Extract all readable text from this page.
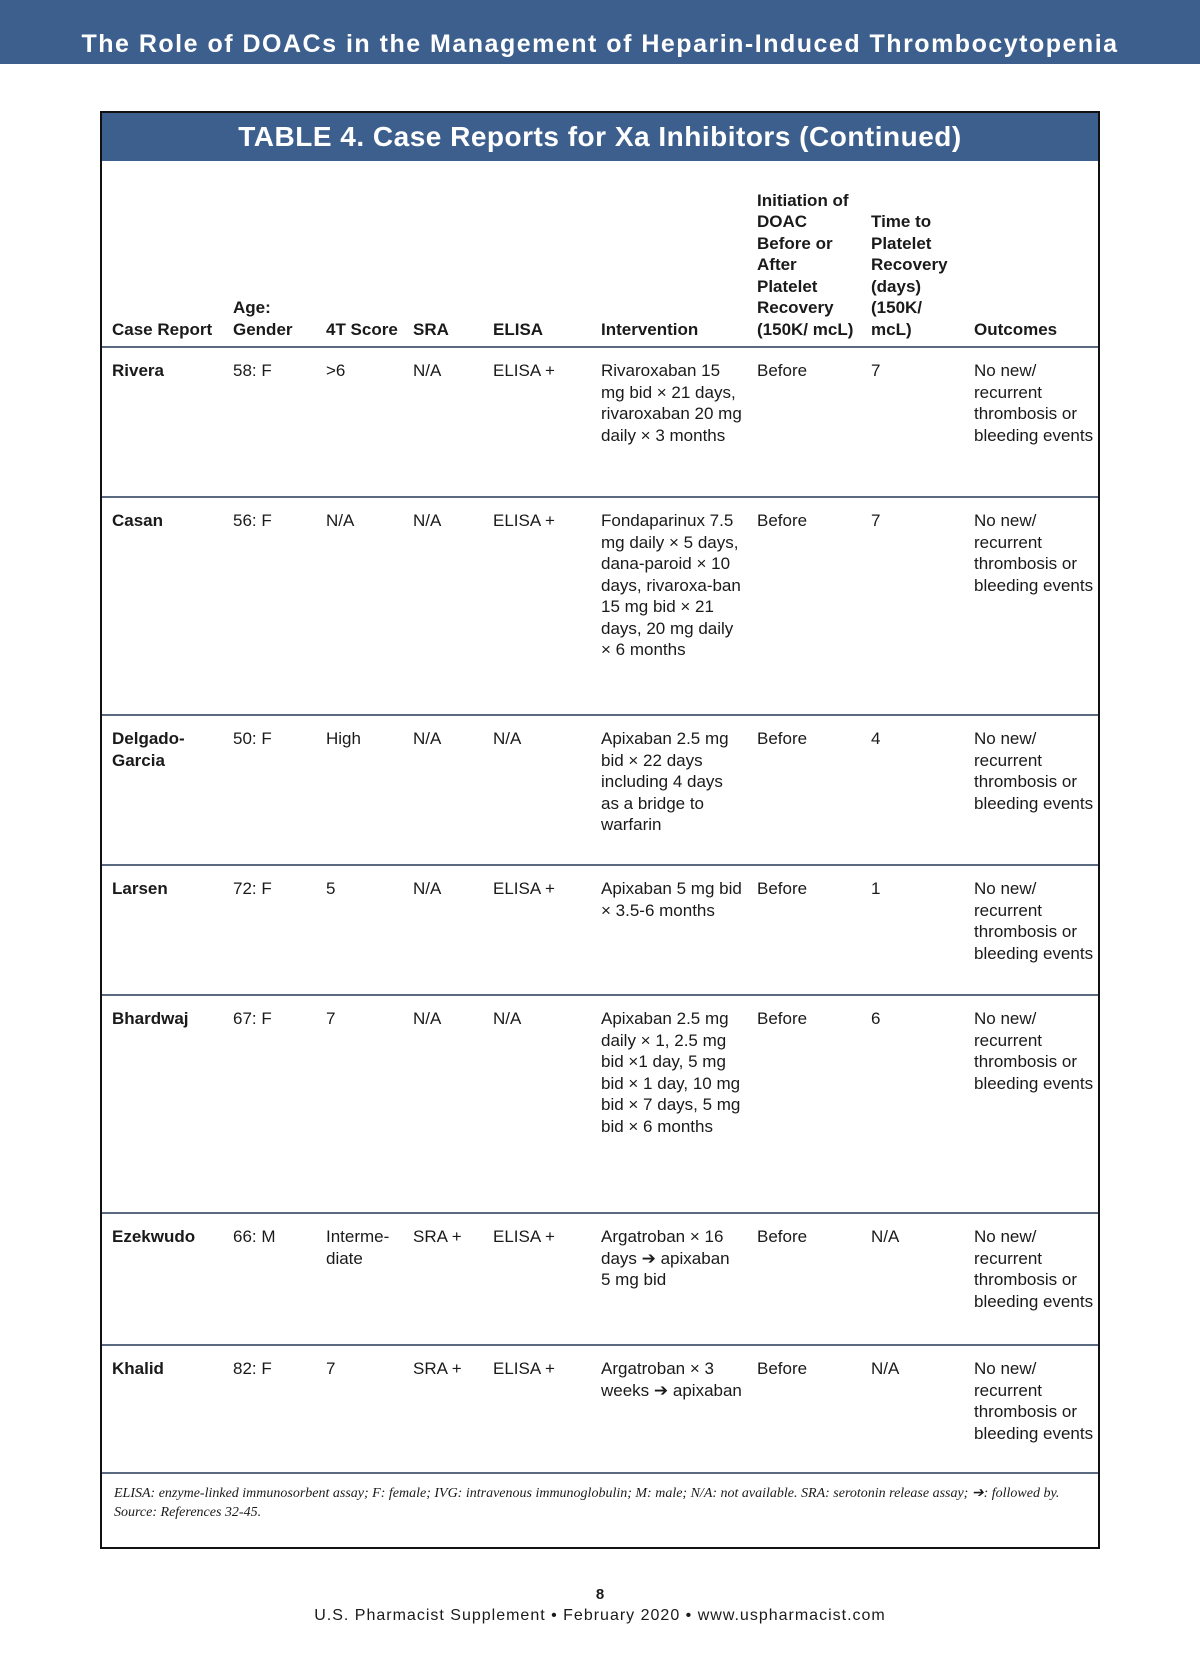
The Role of DOACs in the Management of Heparin-Induced Thrombocytopenia
TABLE 4. Case Reports for Xa Inhibitors (Continued)
Case Report	Age: Gender	4T Score	SRA	ELISA	Intervention	Initiation of DOAC Before or After Platelet Recovery (150K/ mcL)	Time to Platelet Recovery (days) (150K/ mcL)	Outcomes
Rivera	58: F	>6	N/A	ELISA +	Rivaroxaban 15 mg bid × 21 days, rivaroxaban 20 mg daily × 3 months	Before	7	No new/ recurrent thrombosis or bleeding events
Casan	56: F	N/A	N/A	ELISA +	Fondaparinux 7.5 mg daily × 5 days, dana-paroid × 10 days, rivaroxa-ban 15 mg bid × 21 days, 20 mg daily × 6 months	Before	7	No new/ recurrent thrombosis or bleeding events
Delgado-Garcia	50: F	High	N/A	N/A	Apixaban 2.5 mg bid × 22 days including 4 days as a bridge to warfarin	Before	4	No new/ recurrent thrombosis or bleeding events
Larsen	72: F	5	N/A	ELISA +	Apixaban 5 mg bid × 3.5-6 months	Before	1	No new/ recurrent thrombosis or bleeding events
Bhardwaj	67: F	7	N/A	N/A	Apixaban 2.5 mg daily × 1, 2.5 mg bid ×1 day, 5 mg bid × 1 day, 10 mg bid × 7 days, 5 mg bid × 6 months	Before	6	No new/ recurrent thrombosis or bleeding events
Ezekwudo	66: M	Interme-diate	SRA +	ELISA +	Argatroban × 16 days ➔ apixaban 5 mg bid	Before	N/A	No new/ recurrent thrombosis or bleeding events
Khalid	82: F	7	SRA +	ELISA +	Argatroban × 3 weeks ➔ apixaban	Before	N/A	No new/ recurrent thrombosis or bleeding events
ELISA: enzyme-linked immunosorbent assay; F: female; IVG: intravenous immunoglobulin; M: male; N/A: not available. SRA: serotonin release assay; ➔: followed by. Source: References 32-45.
8
U.S. Pharmacist Supplement • February 2020 • www.uspharmacist.com
